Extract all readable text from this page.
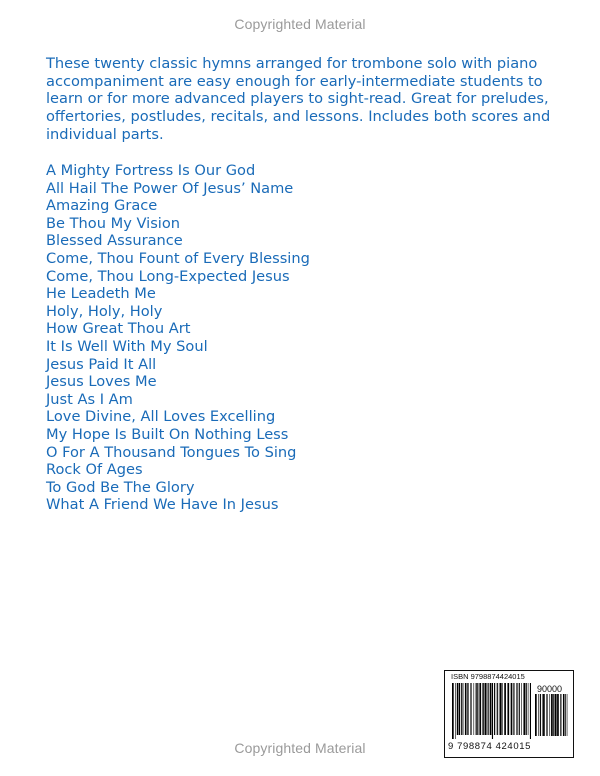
Copyrighted Material

These twenty classic hymns arranged for trombone solo with piano accompaniment are easy enough for early-intermediate students to learn or for more advanced players to sight-read. Great for preludes, offertories, postludes, recitals, and lessons. Includes both scores and individual parts.

A Mighty Fortress Is Our God
All Hail The Power Of Jesus’ Name
Amazing Grace
Be Thou My Vision
Blessed Assurance
Come, Thou Fount of Every Blessing
Come, Thou Long-Expected Jesus
He Leadeth Me
Holy, Holy, Holy
How Great Thou Art
It Is Well With My Soul
Jesus Paid It All
Jesus Loves Me
Just As I Am
Love Divine, All Loves Excelling
My Hope Is Built On Nothing Less
O For A Thousand Tongues To Sing
Rock Of Ages
To God Be The Glory
What A Friend We Have In Jesus
ISBN 9798874424015
90000
9 798874 424015
Copyrighted Material
